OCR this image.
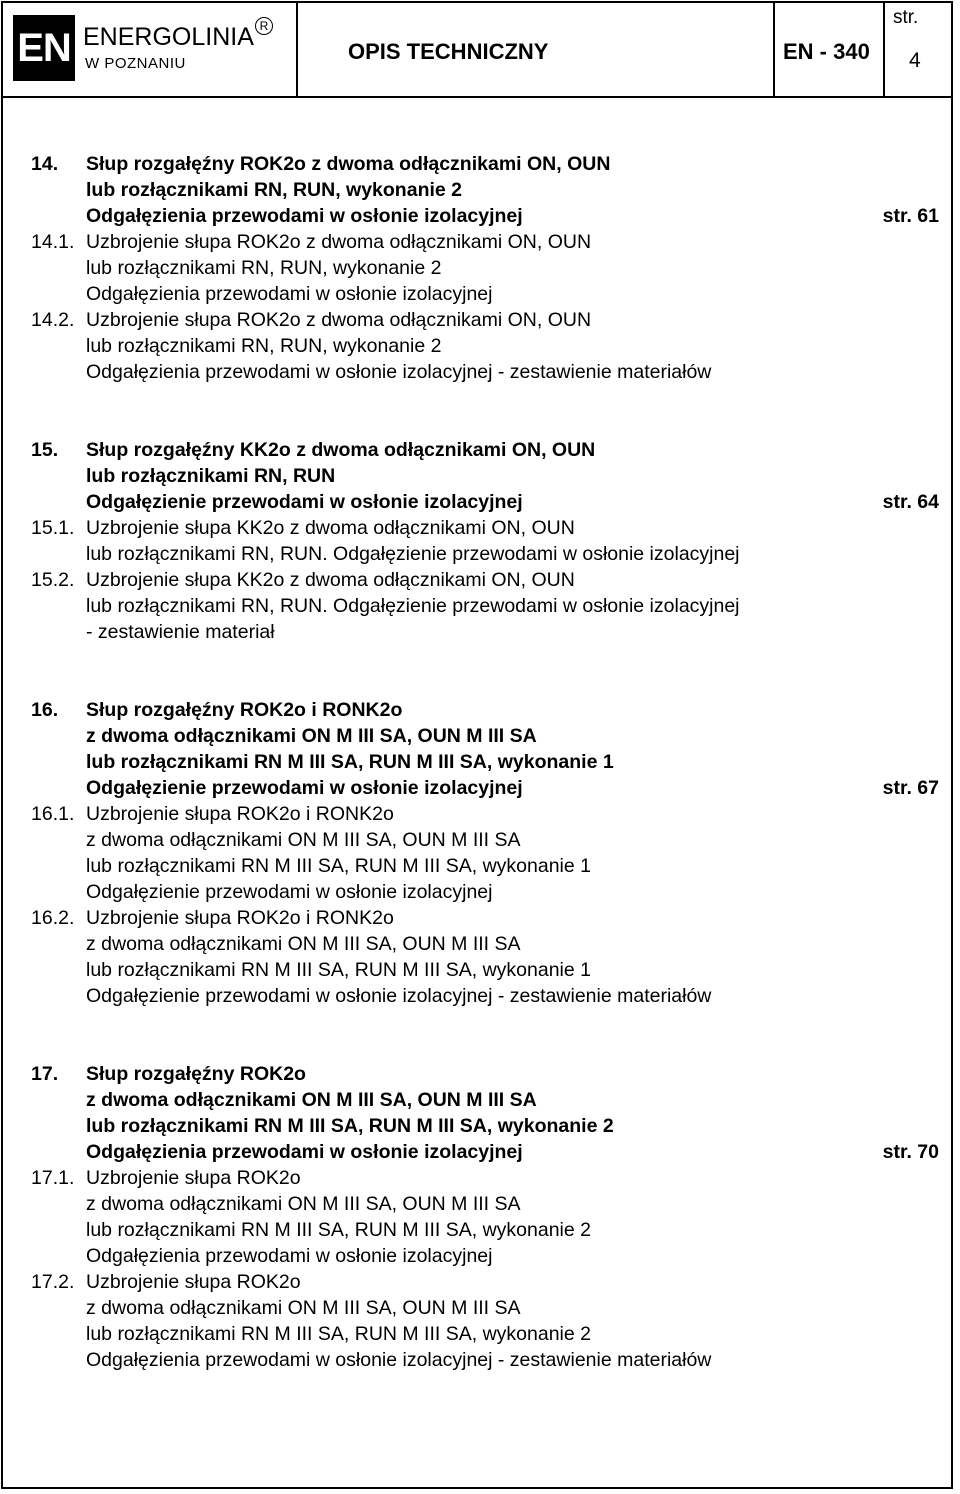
EN ENERGOLINIA R
W POZNANIU	OPIS TECHNICZNY	EN - 340
str.
4
14. Słup rozgałęźny ROK2o z dwoma odłącznikami ON, OUN
lub rozłącznikami RN, RUN, wykonanie 2
Odgałęzienia przewodami w osłonie izolacyjnej	str. 61
14.1. Uzbrojenie słupa ROK2o z dwoma odłącznikami ON, OUN
lub rozłącznikami RN, RUN, wykonanie 2
Odgałęzienia przewodami w osłonie izolacyjnej
14.2. Uzbrojenie słupa ROK2o z dwoma odłącznikami ON, OUN
lub rozłącznikami RN, RUN, wykonanie 2
Odgałęzienia przewodami w osłonie izolacyjnej - zestawienie materiałów
15. Słup rozgałęźny KK2o z dwoma odłącznikami ON, OUN
lub rozłącznikami RN, RUN
Odgałęzienie przewodami w osłonie izolacyjnej	str. 64
15.1. Uzbrojenie słupa KK2o z dwoma odłącznikami ON, OUN
lub rozłącznikami RN, RUN. Odgałęzienie przewodami w osłonie izolacyjnej
15.2. Uzbrojenie słupa KK2o z dwoma odłącznikami ON, OUN
lub rozłącznikami RN, RUN. Odgałęzienie przewodami w osłonie izolacyjnej
- zestawienie materiał
16. Słup rozgałęźny ROK2o i RONK2o
z dwoma odłącznikami ON M III SA, OUN M III SA
lub rozłącznikami RN M III SA, RUN M III SA, wykonanie 1
Odgałęzienie przewodami w osłonie izolacyjnej	str. 67
16.1. Uzbrojenie słupa ROK2o i RONK2o
z dwoma odłącznikami ON M III SA, OUN M III SA
lub rozłącznikami RN M III SA, RUN M III SA, wykonanie 1
Odgałęzienie przewodami w osłonie izolacyjnej
16.2. Uzbrojenie słupa ROK2o i RONK2o
z dwoma odłącznikami ON M III SA, OUN M III SA
lub rozłącznikami RN M III SA, RUN M III SA, wykonanie 1
Odgałęzienie przewodami w osłonie izolacyjnej - zestawienie materiałów
17. Słup rozgałęźny ROK2o
z dwoma odłącznikami ON M III SA, OUN M III SA
lub rozłącznikami RN M III SA, RUN M III SA, wykonanie 2
Odgałęzienia przewodami w osłonie izolacyjnej	str. 70
17.1. Uzbrojenie słupa ROK2o
z dwoma odłącznikami ON M III SA, OUN M III SA
lub rozłącznikami RN M III SA, RUN M III SA, wykonanie 2
Odgałęzienia przewodami w osłonie izolacyjnej
17.2. Uzbrojenie słupa ROK2o
z dwoma odłącznikami ON M III SA, OUN M III SA
lub rozłącznikami RN M III SA, RUN M III SA, wykonanie 2
Odgałęzienia przewodami w osłonie izolacyjnej - zestawienie materiałów
